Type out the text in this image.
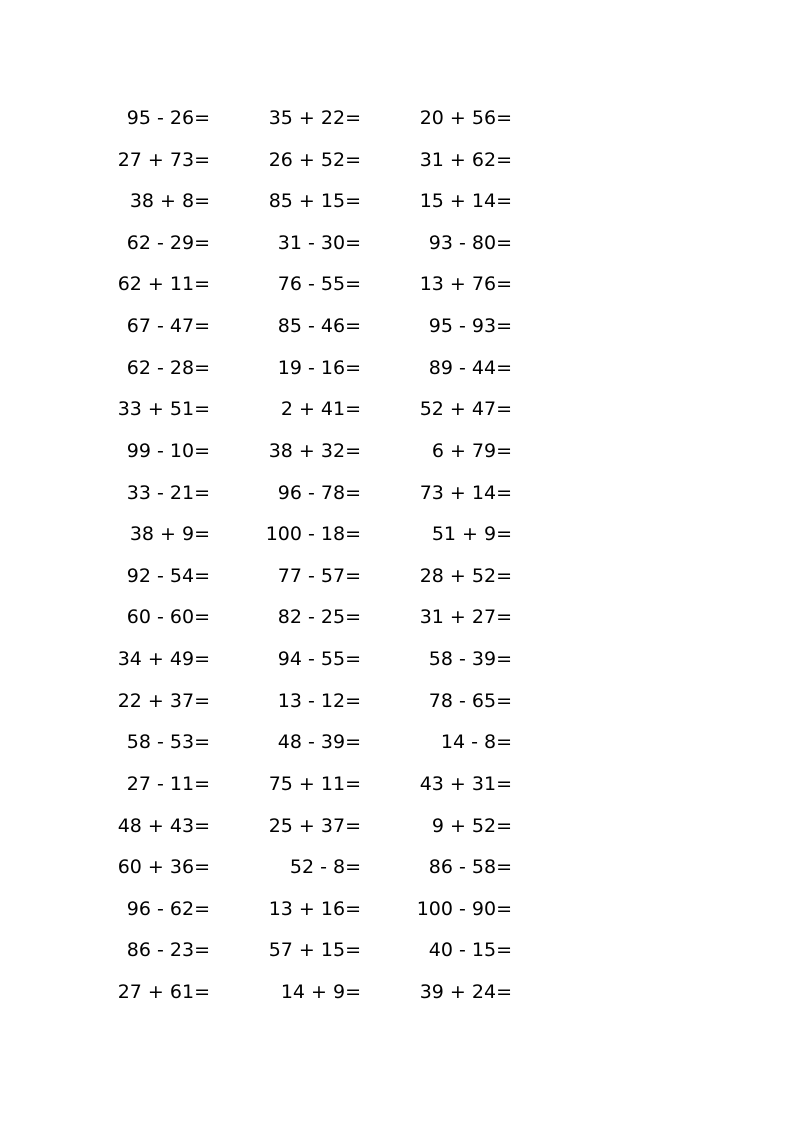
95 - 26=	35 + 22=	20 + 56=
27 + 73=	26 + 52=	31 + 62=
38 + 8=	85 + 15=	15 + 14=
62 - 29=	31 - 30=	93 - 80=
62 + 11=	76 - 55=	13 + 76=
67 - 47=	85 - 46=	95 - 93=
62 - 28=	19 - 16=	89 - 44=
33 + 51=	2 + 41=	52 + 47=
99 - 10=	38 + 32=	6 + 79=
33 - 21=	96 - 78=	73 + 14=
38 + 9=	100 - 18=	51 + 9=
92 - 54=	77 - 57=	28 + 52=
60 - 60=	82 - 25=	31 + 27=
34 + 49=	94 - 55=	58 - 39=
22 + 37=	13 - 12=	78 - 65=
58 - 53=	48 - 39=	14 - 8=
27 - 11=	75 + 11=	43 + 31=
48 + 43=	25 + 37=	9 + 52=
60 + 36=	52 - 8=	86 - 58=
96 - 62=	13 + 16=	100 - 90=
86 - 23=	57 + 15=	40 - 15=
27 + 61=	14 + 9=	39 + 24=
